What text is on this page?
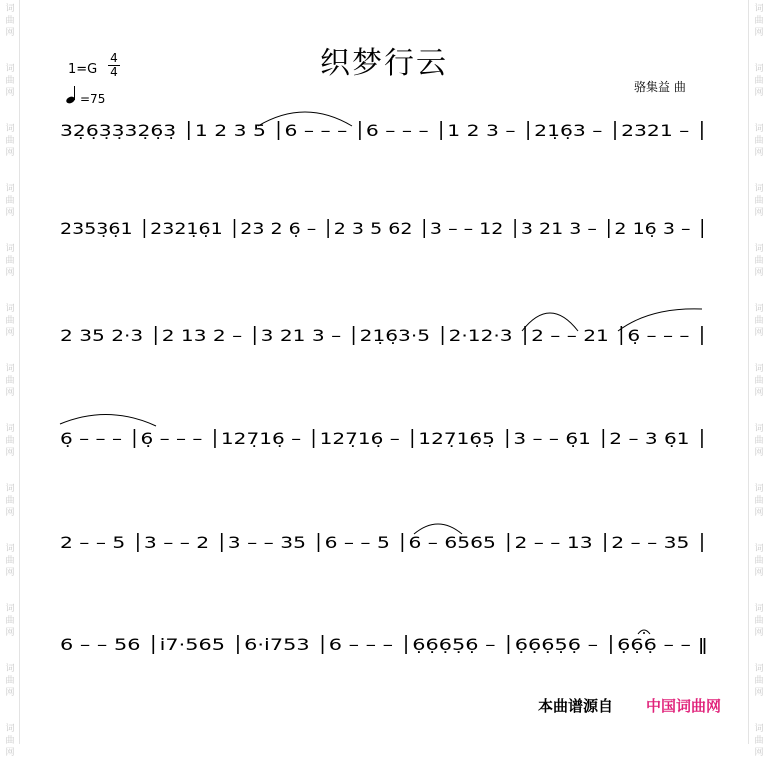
词
曲
网
词
曲
网
词
曲
网
词
曲
网
词
曲
网
词
曲
网
词
曲
网
词
曲
网
词
曲
网
词
曲
网
词
曲
网
词
曲
网
词
曲
网
词
曲
网
词
曲
网
词
曲
网
词
曲
网
词
曲
网
词
曲
网
词
曲
网
词
曲
网
词
曲
网
词
曲
网
词
曲
网
词
曲
网
词
曲
网
织梦行云
1=G
4
4
=75
骆集益 曲
32̣6̣3̣3̣32̣6̣3̣ │1 2 3 5 │6 – – – │6 – – – │1 2 3 – │21̣6̣3 – │2321 – │
2353̣6̣1 │2321̣6̣1 │23 2 6̣ – │2 3 5 62 │3 – – 12 │3 21 3 – │2 16̣ 3 – │
2 35 2·3 │2 13 2 – │3 21 3 – │21̣6̣3·5 │2·12·3 │2 – – 21 │6̣ – – – │
6̣ – – – │6̣ – – – │127̣16̣ – │127̣16̣ – │127̣16̣5̣ │3 – – 6̣1 │2 – 3 6̣1 │
2 – – 5 │3 – – 2 │3 – – 35 │6 – – 5 │6 – 6565 │2 – – 13 │2 – – 35 │
6 – – 56 │i7·565 │6·i753 │6 – – – │6̣6̣6̣5̣6̣ – │6̣6̣6̣5̣6̣ – │6̣6̣6̣ – – ‖
本曲谱源自 中国词曲网
